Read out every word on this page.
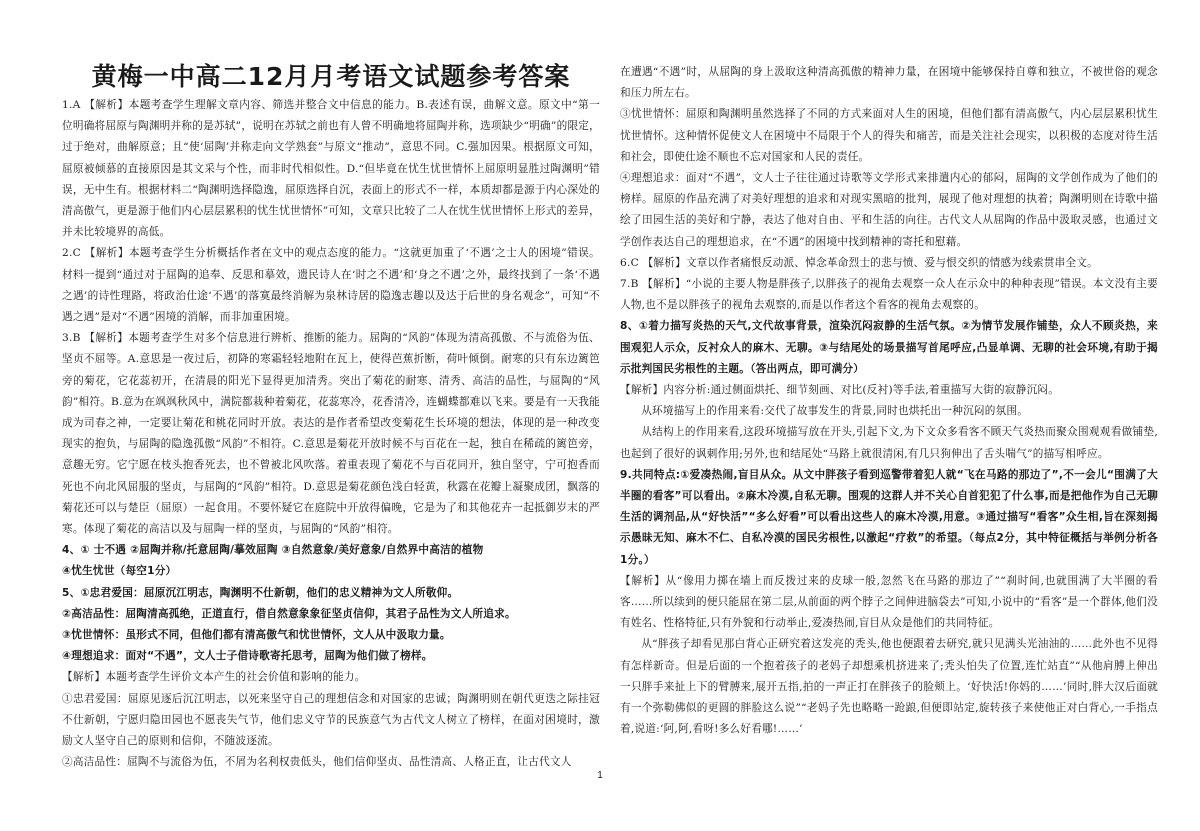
黄梅一中高二12月月考语文试题参考答案

1.A 【解析】本题考查学生理解文章内容、筛选并整合文中信息的能力。B.表述有误，曲解文意。原文中“第一位明确将屈原与陶渊明并称的是苏轼”，说明在苏轼之前也有人曾不明确地将屈陶并称，选项缺少“明确”的限定，过于绝对，曲解原意；且“使‘屈陶’并称走向文学熟套”与原文“推动”，意思不同。C.强加因果。根据原文可知，屈原被倾慕的直接原因是其文采与个性，而非时代相似性。D.“但毕竟在忧生忧世情怀上屈原明显胜过陶渊明”错误，无中生有。根据材料二“陶渊明选择隐逸，屈原选择自沉，表面上的形式不一样，本质却都是源于内心深处的清高傲气，更是源于他们内心层层累积的忧生忧世情怀”可知，文章只比较了二人在忧生忧世情怀上形式的差异，并未比较境界的高低。

2.C 【解析】本题考查学生分析概括作者在文中的观点态度的能力。“这就更加重了‘不遇’之士人的困境”错误。材料一提到“通过对于屈陶的追奉、反思和摹效，遗民诗人在‘时之不遇’和‘身之不遇’之外，最终找到了一条‘不遇之遇’的诗性理路，将政治仕途‘不遇’的落寞最终消解为泉林诗居的隐逸志趣以及达于后世的身名观念”，可知“不遇之遇”是对“不遇”困境的消解，而非加重困境。

3.B 【解析】本题考查学生对多个信息进行辨析、推断的能力。屈陶的“风韵”体现为清高孤傲、不与流俗为伍、坚贞不屈等。A.意思是一夜过后，初降的寒霜轻轻地附在瓦上，使得芭蕉折断，荷叶倾倒。耐寒的只有东边篱笆旁的菊花，它花蕊初开，在清晨的阳光下显得更加清秀。突出了菊花的耐寒、清秀、高洁的品性，与屈陶的“风韵”相符。B.意为在飒飒秋风中，满院都栽种着菊花，花蕊寒冷，花香清冷，连蝴蝶都难以飞来。要是有一天我能成为司春之神，一定要让菊花和桃花同时开放。表达的是作者希望改变菊花生长环境的想法，体现的是一种改变现实的抱负，与屈陶的隐逸孤傲“风韵”不相符。C.意思是菊花开放时候不与百花在一起，独自在稀疏的篱笆旁，意趣无穷。它宁愿在枝头抱香死去，也不曾被北风吹落。着重表现了菊花不与百花同开，独自坚守，宁可抱香而死也不向北风屈服的坚贞，与屈陶的“风韵”相符。D.意思是菊花颜色浅白轻黄，秋露在花瓣上凝聚成团，飘落的菊花还可以与楚臣（屈原）一起食用。不要怀疑它在庭院中开放得偏晚，它是为了和其他花卉一起抵御岁末的严寒。体现了菊花的高洁以及与屈陶一样的坚贞，与屈陶的“风韵”相符。

4、① 士不遇 ②屈陶并称/托意屈陶/摹效屈陶 ③自然意象/美好意象/自然界中高洁的植物

④忧生忧世（每空1分）

5、①忠君爱国：屈原沉江明志，陶渊明不仕新朝，他们的忠义精神为文人所敬仰。

②高洁品性：屈陶清高孤绝，正道直行，借自然意象象征坚贞信仰，其君子品性为文人所追求。

③忧世情怀：虽形式不同，但他们都有清高傲气和忧世情怀，文人从中汲取力量。

④理想追求：面对“不遇”，文人士子借诗歌寄托思考，屈陶为他们做了榜样。

【解析】本题考查学生评价文本产生的社会价值和影响的能力。

①忠君爱国：屈原见逐后沉江明志，以死来坚守自己的理想信念和对国家的忠诚；陶渊明则在朝代更迭之际挂冠不仕新朝，宁愿归隐田园也不愿丧失气节，他们忠义守节的民族意气为古代文人树立了榜样，在面对困境时，激励文人坚守自己的原则和信仰，不随波逐流。

②高洁品性：屈陶不与流俗为伍，不屑为名利权贵低头，他们信仰坚贞、品性清高、人格正直，让古代文人

在遭遇“不遇”时，从屈陶的身上汲取这种清高孤傲的精神力量，在困境中能够保持自尊和独立，不被世俗的观念和压力所左右。

③忧世情怀：屈原和陶渊明虽然选择了不同的方式来面对人生的困境，但他们都有清高傲气，内心层层累积忧生忧世情怀。这种情怀促使文人在困境中不局限于个人的得失和痛苦，而是关注社会现实，以积极的态度对待生活和社会，即使仕途不顺也不忘对国家和人民的责任。

④理想追求：面对“不遇”，文人士子往往通过诗歌等文学形式来排遣内心的郁闷，屈陶的文学创作成为了他们的榜样。屈原的作品充满了对美好理想的追求和对现实黑暗的批判，展现了他对理想的执着；陶渊明则在诗歌中描绘了田园生活的美好和宁静，表达了他对自由、平和生活的向往。古代文人从屈陶的作品中汲取灵感，也通过文学创作表达自己的理想追求，在“不遇”的困境中找到精神的寄托和慰藉。

6.C 【解析】文章以作者痛恨反动派、悼念革命烈士的悲与愤、爱与恨交织的情感为线索贯串全文。

7.B 【解析】“小说的主要人物是胖孩子,以胖孩子的视角去观察一众人在示众中的种种表现”错误。本文没有主要人物,也不是以胖孩子的视角去观察的,而是以作者这个看客的视角去观察的。

8、①着力描写炎热的天气,文代故事背景，渲染沉闷寂静的生活气氛。②为情节发展作铺垫，众人不顾炎热，来围观犯人示众，反衬众人的麻木、无聊。③与结尾处的场景描写首尾呼应,凸显单调、无聊的社会环境,有助于揭示批判国民劣根性的主题。（答出两点，即可满分）

【解析】内容分析:通过侧面烘托、细节刻画、对比(反衬)等手法,着重描写大街的寂静沉闷。

从环境描写上的作用来看:交代了故事发生的背景,同时也烘托出一种沉闷的氛围。

从结构上的作用来看,这段环境描写放在开头,引起下文,为下文众多看客不顾天气炎热而聚众围观观看做铺垫,也起到了很好的讽刺作用;另外,也和结尾处“马路上就很清闲,有几只狗伸出了舌头喘气”的描写相呼应。

9.共同特点:①爱凑热闹,盲目从众。从文中胖孩子看到巡警带着犯人就“飞在马路的那边了”,不一会儿“围满了大半圈的看客”可以看出。②麻木冷漠,自私无聊。围观的这群人并不关心自首犯犯了什么事,而是把他作为自己无聊生活的调剂品,从“好快活”“多么好看”可以看出这些人的麻木冷漠,用意。③通过描写“看客”众生相,旨在深刻揭示愚昧无知、麻木不仁、自私冷漠的国民劣根性,以激起“疗救”的希望。（每点2分，其中特征概括与举例分析各1分。）

【解析】从“像用力掷在墙上而反拨过来的皮球一般,忽然飞在马路的那边了”“刹时间,也就围满了大半圈的看客……所以续到的便只能屈在第二层,从前面的两个脖子之间伸进脑袋去”可知,小说中的“看客”是一个群体,他们没有姓名、性格特征,只有外貌和行动举止,爱凑热闹,盲目从众是他们的共同特征。

从“胖孩子却看见那白背心正研究着这发亮的秃头,他也便跟着去研究,就只见满头光油油的……此外也不见得有怎样新奇。但是后面的一个抱着孩子的老妈子却想乘机挤进来了;秃头怕失了位置,连忙站直”“从他肩膊上伸出一只胖手来扯上下的臂膊来,展开五指,拍的一声正打在胖孩子的脸颊上。‘好快活!你妈的……’同时,胖大汉后面就有一个弥勒佛似的更圆的胖脸这么说”“老妈子先也略略一跄踉,但便即站定,旋转孩子来使他正对白背心,一手指点着,说道:‘阿,阿,看呀!多么好看哪!……’

1
